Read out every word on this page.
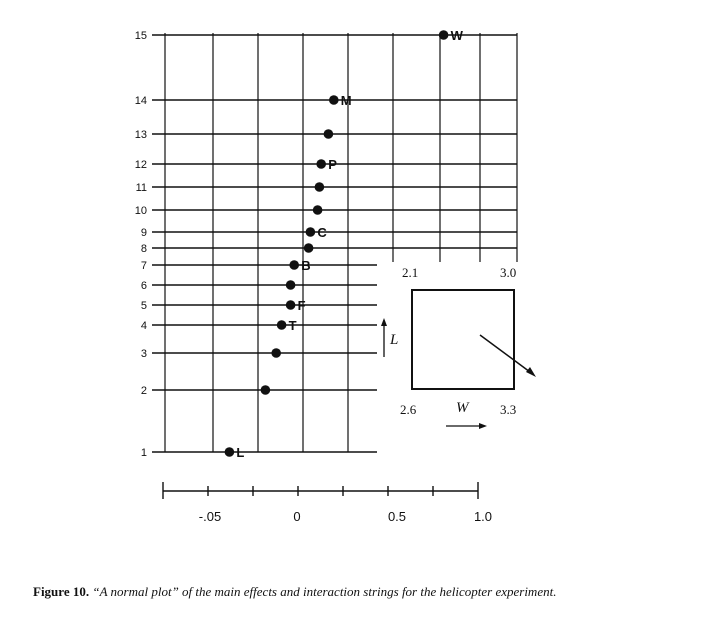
1
2
3
4
5
6
7
8
9
10
11
12
13
14
15
L
T
F
B
C
P
M
W
-.05	0	0.5	1.0
2.1	3.0
2.6	3.3
L
W
Figure 10. “A normal plot” of the main effects and interaction strings for the helicopter experiment.
